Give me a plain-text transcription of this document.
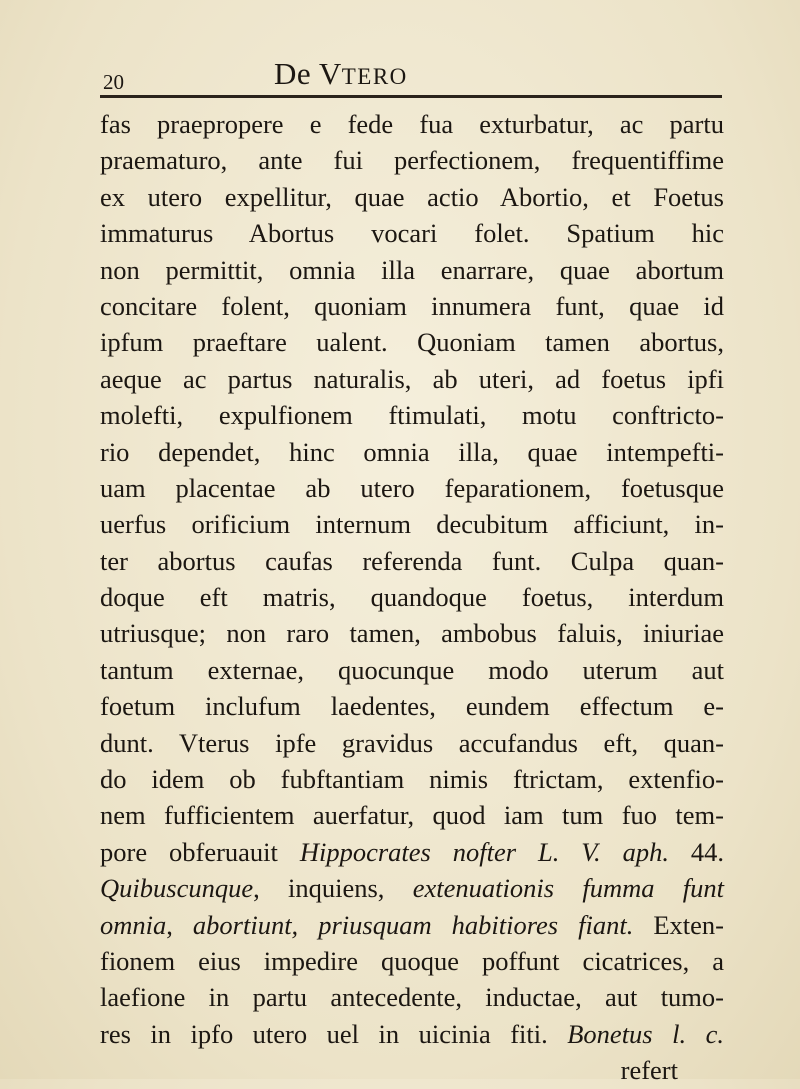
20	De VTERO
fas praepropere e fede fua exturbatur, ac partu
praematuro, ante fui perfectionem, frequentiffime
ex utero expellitur, quae actio Abortio, et Foetus
immaturus Abortus vocari folet. Spatium hic
non permittit, omnia illa enarrare, quae abortum
concitare folent, quoniam innumera funt, quae id
ipfum praeftare ualent. Quoniam tamen abortus,
aeque ac partus naturalis, ab uteri, ad foetus ipfi
molefti, expulfionem ftimulati, motu conftricto-
rio dependet, hinc omnia illa, quae intempefti-
uam placentae ab utero feparationem, foetusque
uerfus orificium internum decubitum afficiunt, in-
ter abortus caufas referenda funt. Culpa quan-
doque eft matris, quandoque foetus, interdum
utriusque; non raro tamen, ambobus faluis, iniuriae
tantum externae, quocunque modo uterum aut
foetum inclufum laedentes, eundem effectum e-
dunt. Vterus ipfe gravidus accufandus eft, quan-
do idem ob fubftantiam nimis ftrictam, extenfio-
nem fufficientem auerfatur, quod iam tum fuo tem-
pore obferuauit Hippocrates nofter L. V. aph. 44.
Quibuscunque, inquiens, extenuationis fumma funt
omnia, abortiunt, priusquam habitiores fiant. Exten-
fionem eius impedire quoque poffunt cicatrices, a
laefione in partu antecedente, inductae, aut tumo-
res in ipfo utero uel in uicinia fiti. Bonetus l. c.
refert
